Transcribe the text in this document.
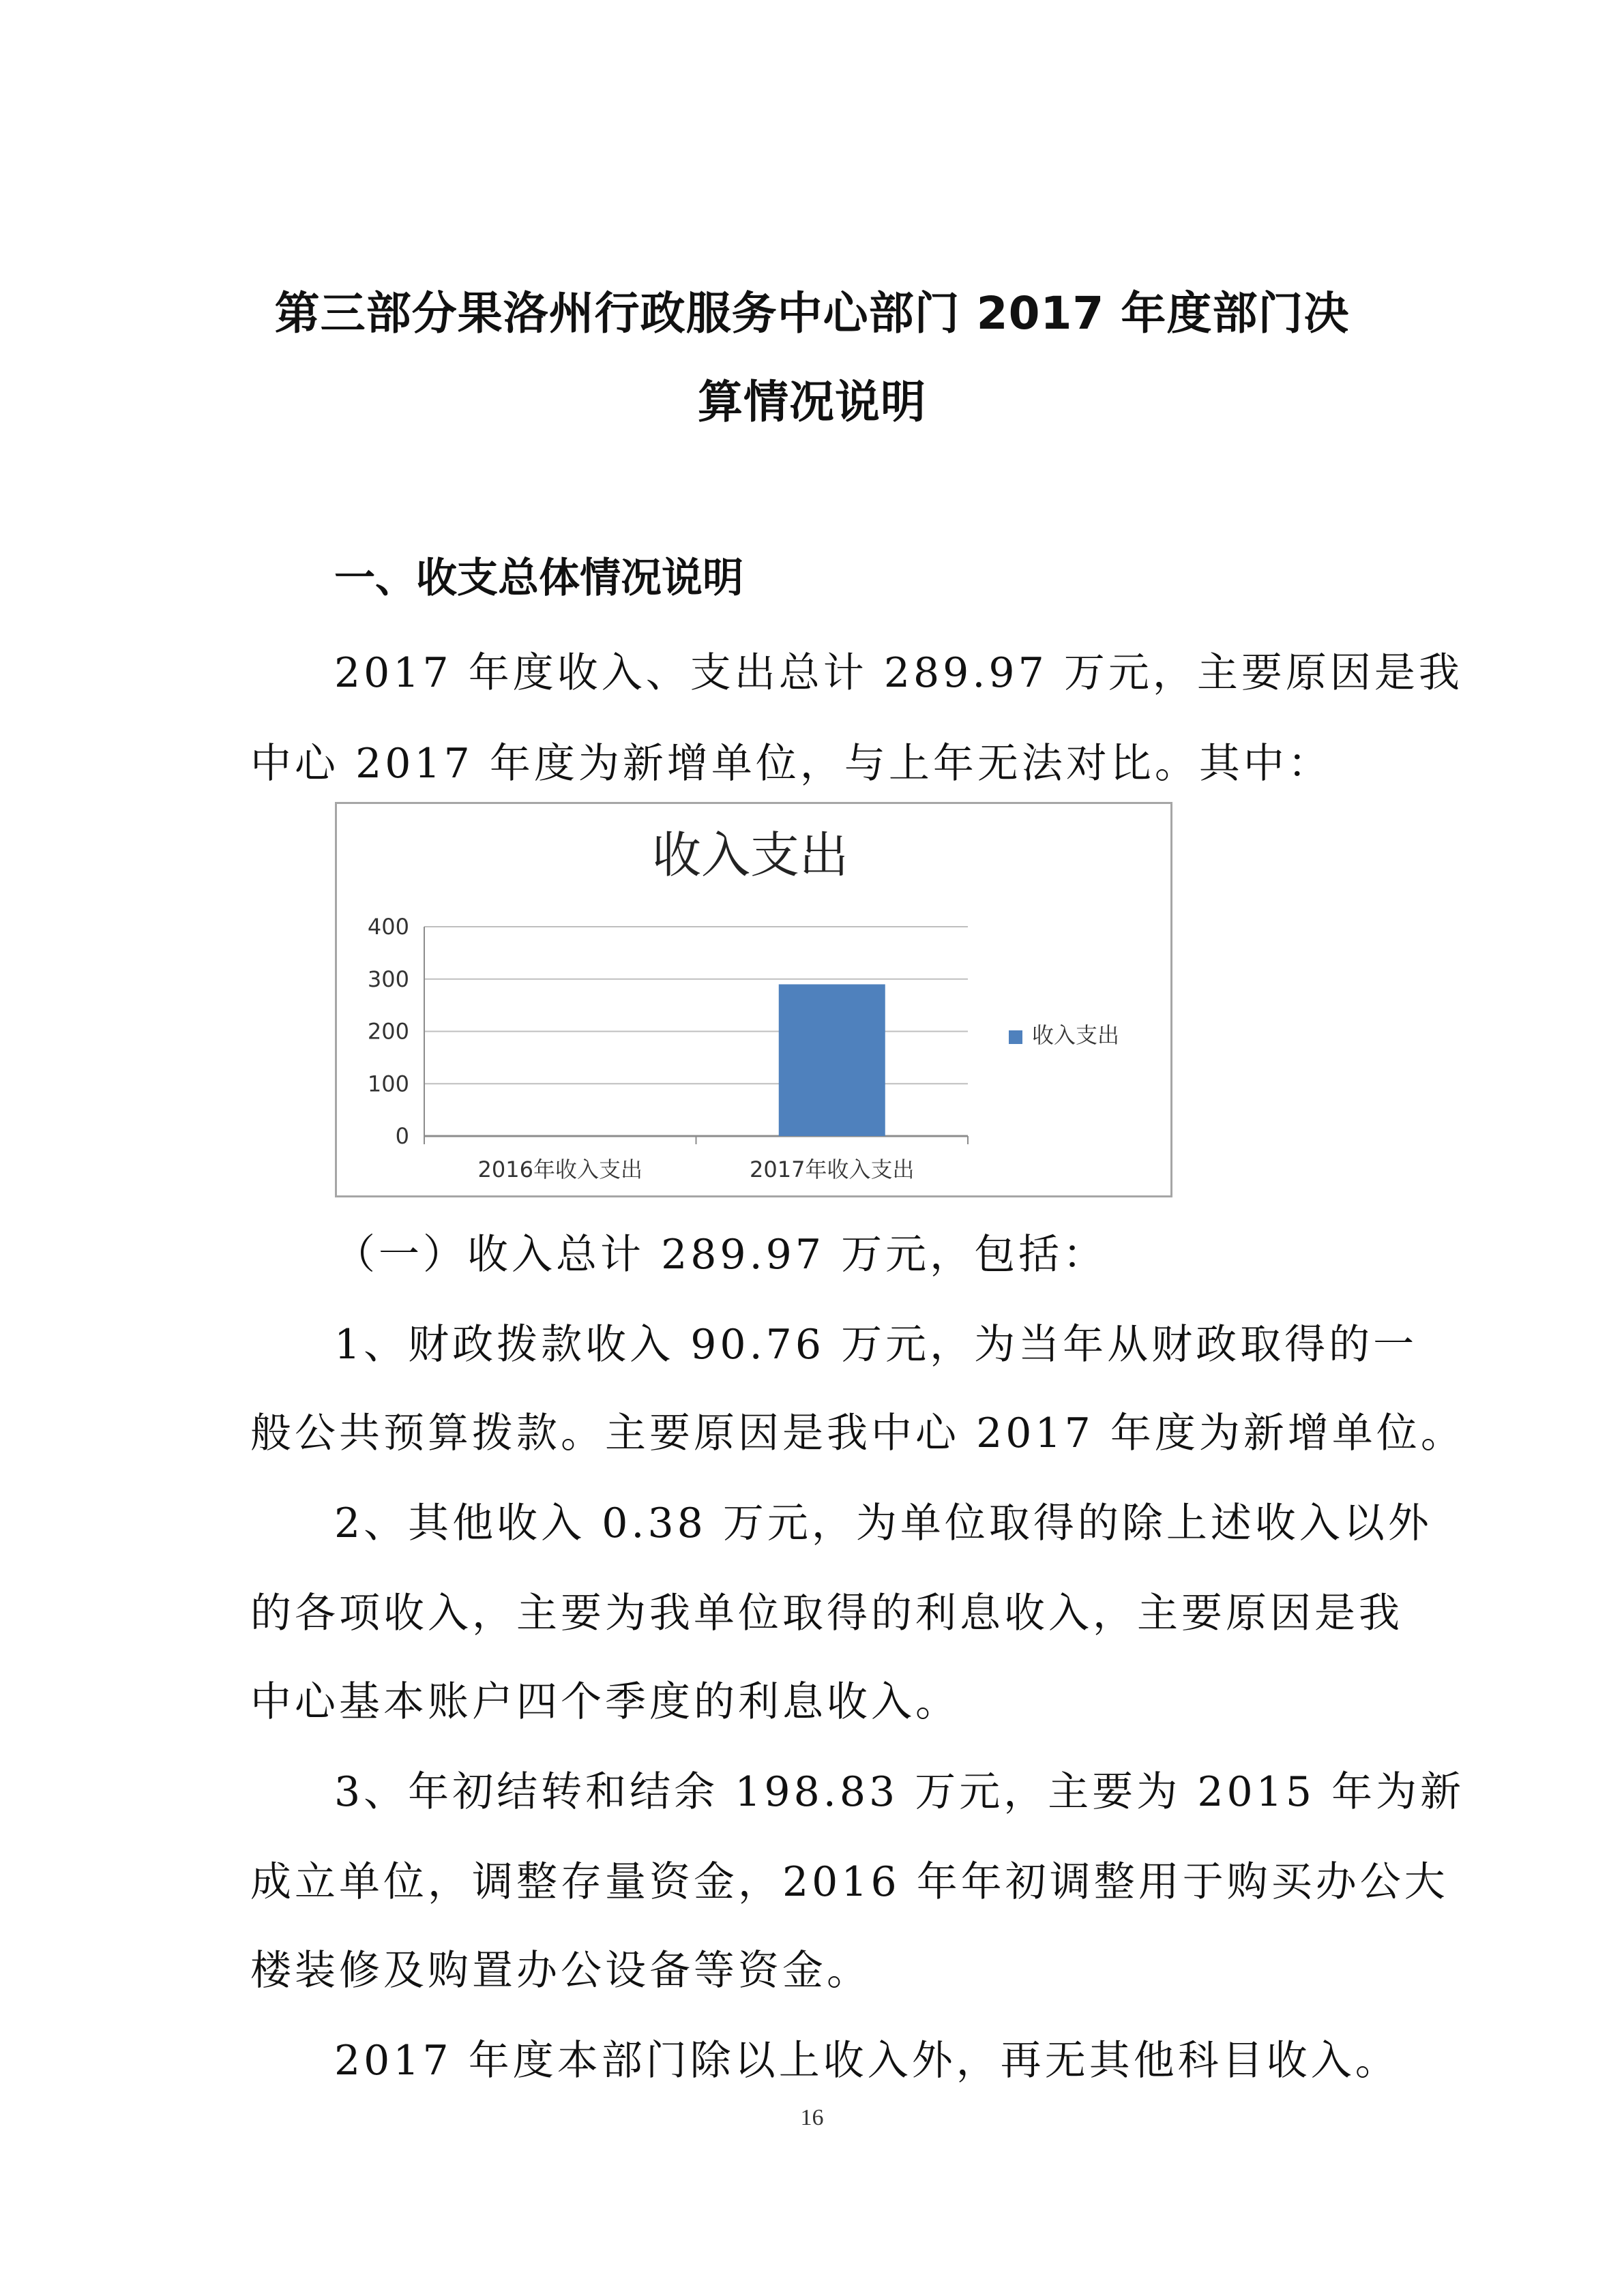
第三部分果洛州行政服务中心部门 2017 年度部门决
算情况说明
一、收支总体情况说明
2017 年度收入、支出总计 289.97 万元，主要原因是我
中心 2017 年度为新增单位，与上年无法对比。其中：
收入支出
0
100
200
300
400
2016年收入支出	2017年收入支出
收入支出
（一）收入总计 289.97 万元，包括：
1、财政拨款收入 90.76 万元，为当年从财政取得的一
般公共预算拨款。主要原因是我中心 2017 年度为新增单位。
2、其他收入 0.38 万元，为单位取得的除上述收入以外
的各项收入，主要为我单位取得的利息收入，主要原因是我
中心基本账户四个季度的利息收入。
3、年初结转和结余 198.83 万元，主要为 2015 年为新
成立单位，调整存量资金，2016 年年初调整用于购买办公大
楼装修及购置办公设备等资金。
2017 年度本部门除以上收入外，再无其他科目收入。
16
